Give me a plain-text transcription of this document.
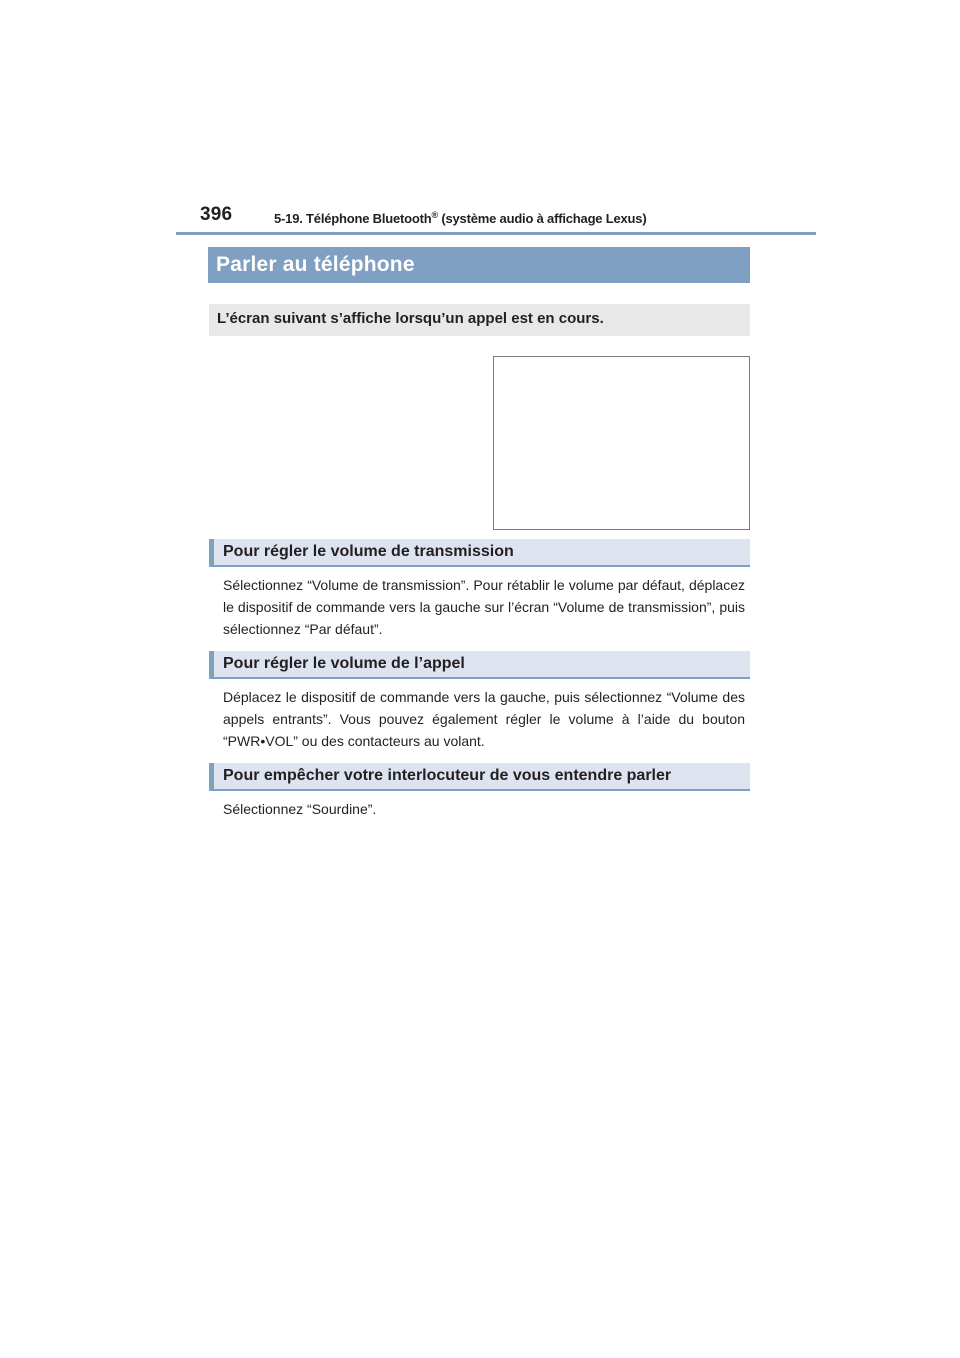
396	5-19. Téléphone Bluetooth® (système audio à affichage Lexus)
Parler au téléphone
L’écran suivant s’affiche lorsqu’un appel est en cours.
Pour régler le volume de transmission
Sélectionnez “Volume de transmission”. Pour rétablir le volume par défaut, déplacez le dispositif de commande vers la gauche sur l’écran “Volume de transmission”, puis sélectionnez “Par défaut”.
Pour régler le volume de l’appel
Déplacez le dispositif de commande vers la gauche, puis sélectionnez “Volume des appels entrants”. Vous pouvez également régler le volume à l’aide du bouton “PWR•VOL” ou des contacteurs au volant.
Pour empêcher votre interlocuteur de vous entendre parler
Sélectionnez “Sourdine”.
